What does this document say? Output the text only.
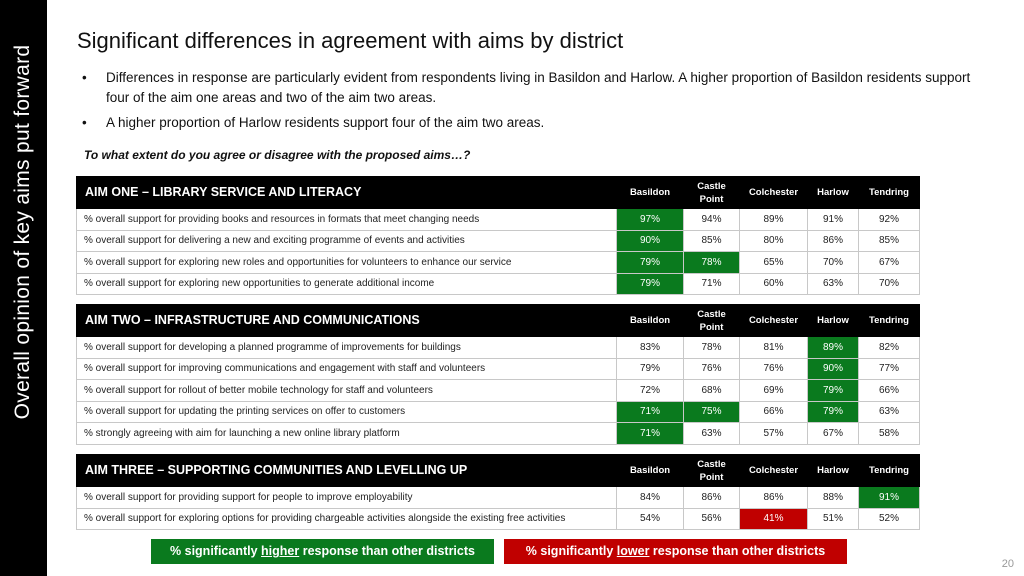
Overall opinion of key aims put forward
Significant differences in agreement with aims by district
• Differences in response are particularly evident from respondents living in Basildon and Harlow. A higher proportion of Basildon residents support four of the aim one areas and two of the aim two areas.
• A higher proportion of Harlow residents support four of the aim two areas.
To what extent do you agree or disagree with the proposed aims…?
AIM ONE – LIBRARY SERVICE AND LITERACY	Basildon	Castle
Point	Colchester	Harlow	Tendring
% overall support for providing books and resources in formats that meet changing needs	97%	94%	89%	91%	92%
% overall support for delivering a new and exciting programme of events and activities	90%	85%	80%	86%	85%
% overall support for exploring new roles and opportunities for volunteers to enhance our service	79%	78%	65%	70%	67%
% overall support for exploring new opportunities to generate additional income	79%	71%	60%	63%	70%
AIM TWO – INFRASTRUCTURE AND COMMUNICATIONS	Basildon	Castle
Point	Colchester	Harlow	Tendring
% overall support for developing a planned programme of improvements for buildings	83%	78%	81%	89%	82%
% overall support for improving communications and engagement with staff and volunteers	79%	76%	76%	90%	77%
% overall support for rollout of better mobile technology for staff and volunteers	72%	68%	69%	79%	66%
% overall support for updating the printing services on offer to customers	71%	75%	66%	79%	63%
% strongly agreeing with aim for launching a new online library platform	71%	63%	57%	67%	58%
AIM THREE – SUPPORTING COMMUNITIES AND LEVELLING UP	Basildon	Castle
Point	Colchester	Harlow	Tendring
% overall support for providing support for people to improve employability	84%	86%	86%	88%	91%
% overall support for exploring options for providing chargeable activities alongside the existing free activities	54%	56%	41%	51%	52%
% significantly higher response than other districts	% significantly lower response than other districts
20
